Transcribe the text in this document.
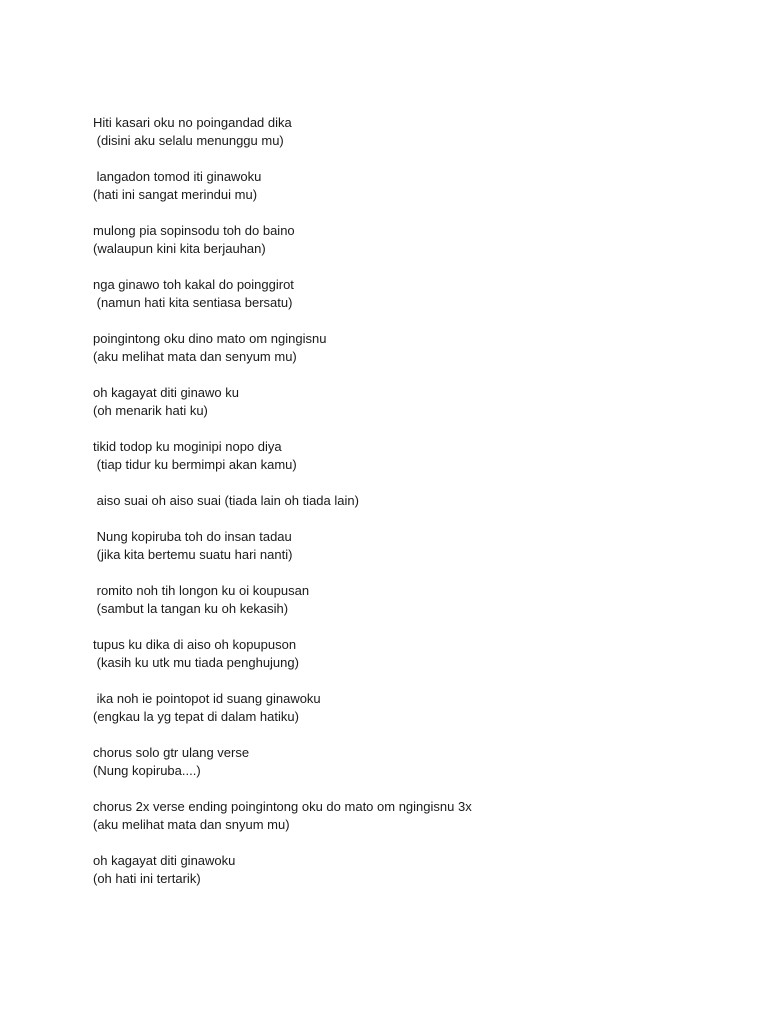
Hiti kasari oku no poingandad dika
(disini aku selalu menunggu mu)
langadon tomod iti ginawoku
(hati ini sangat merindui mu)
mulong pia sopinsodu toh do baino
(walaupun kini kita berjauhan)
nga ginawo toh kakal do poinggirot
(namun hati kita sentiasa bersatu)
poingintong oku dino mato om ngingisnu
(aku melihat mata dan senyum mu)
oh kagayat diti ginawo ku
(oh menarik hati ku)
tikid todop ku moginipi nopo diya
(tiap tidur ku bermimpi akan kamu)
aiso suai oh aiso suai (tiada lain oh tiada lain)
Nung kopiruba toh do insan tadau
(jika kita bertemu suatu hari nanti)
romito noh tih longon ku oi koupusan
(sambut la tangan ku oh kekasih)
tupus ku dika di aiso oh kopupuson
(kasih ku utk mu tiada penghujung)
ika noh ie pointopot id suang ginawoku
(engkau la yg tepat di dalam hatiku)
chorus solo gtr ulang verse
(Nung kopiruba....)
chorus 2x verse ending poingintong oku do mato om ngingisnu 3x
(aku melihat mata dan snyum mu)
oh kagayat diti ginawoku
(oh hati ini tertarik)
